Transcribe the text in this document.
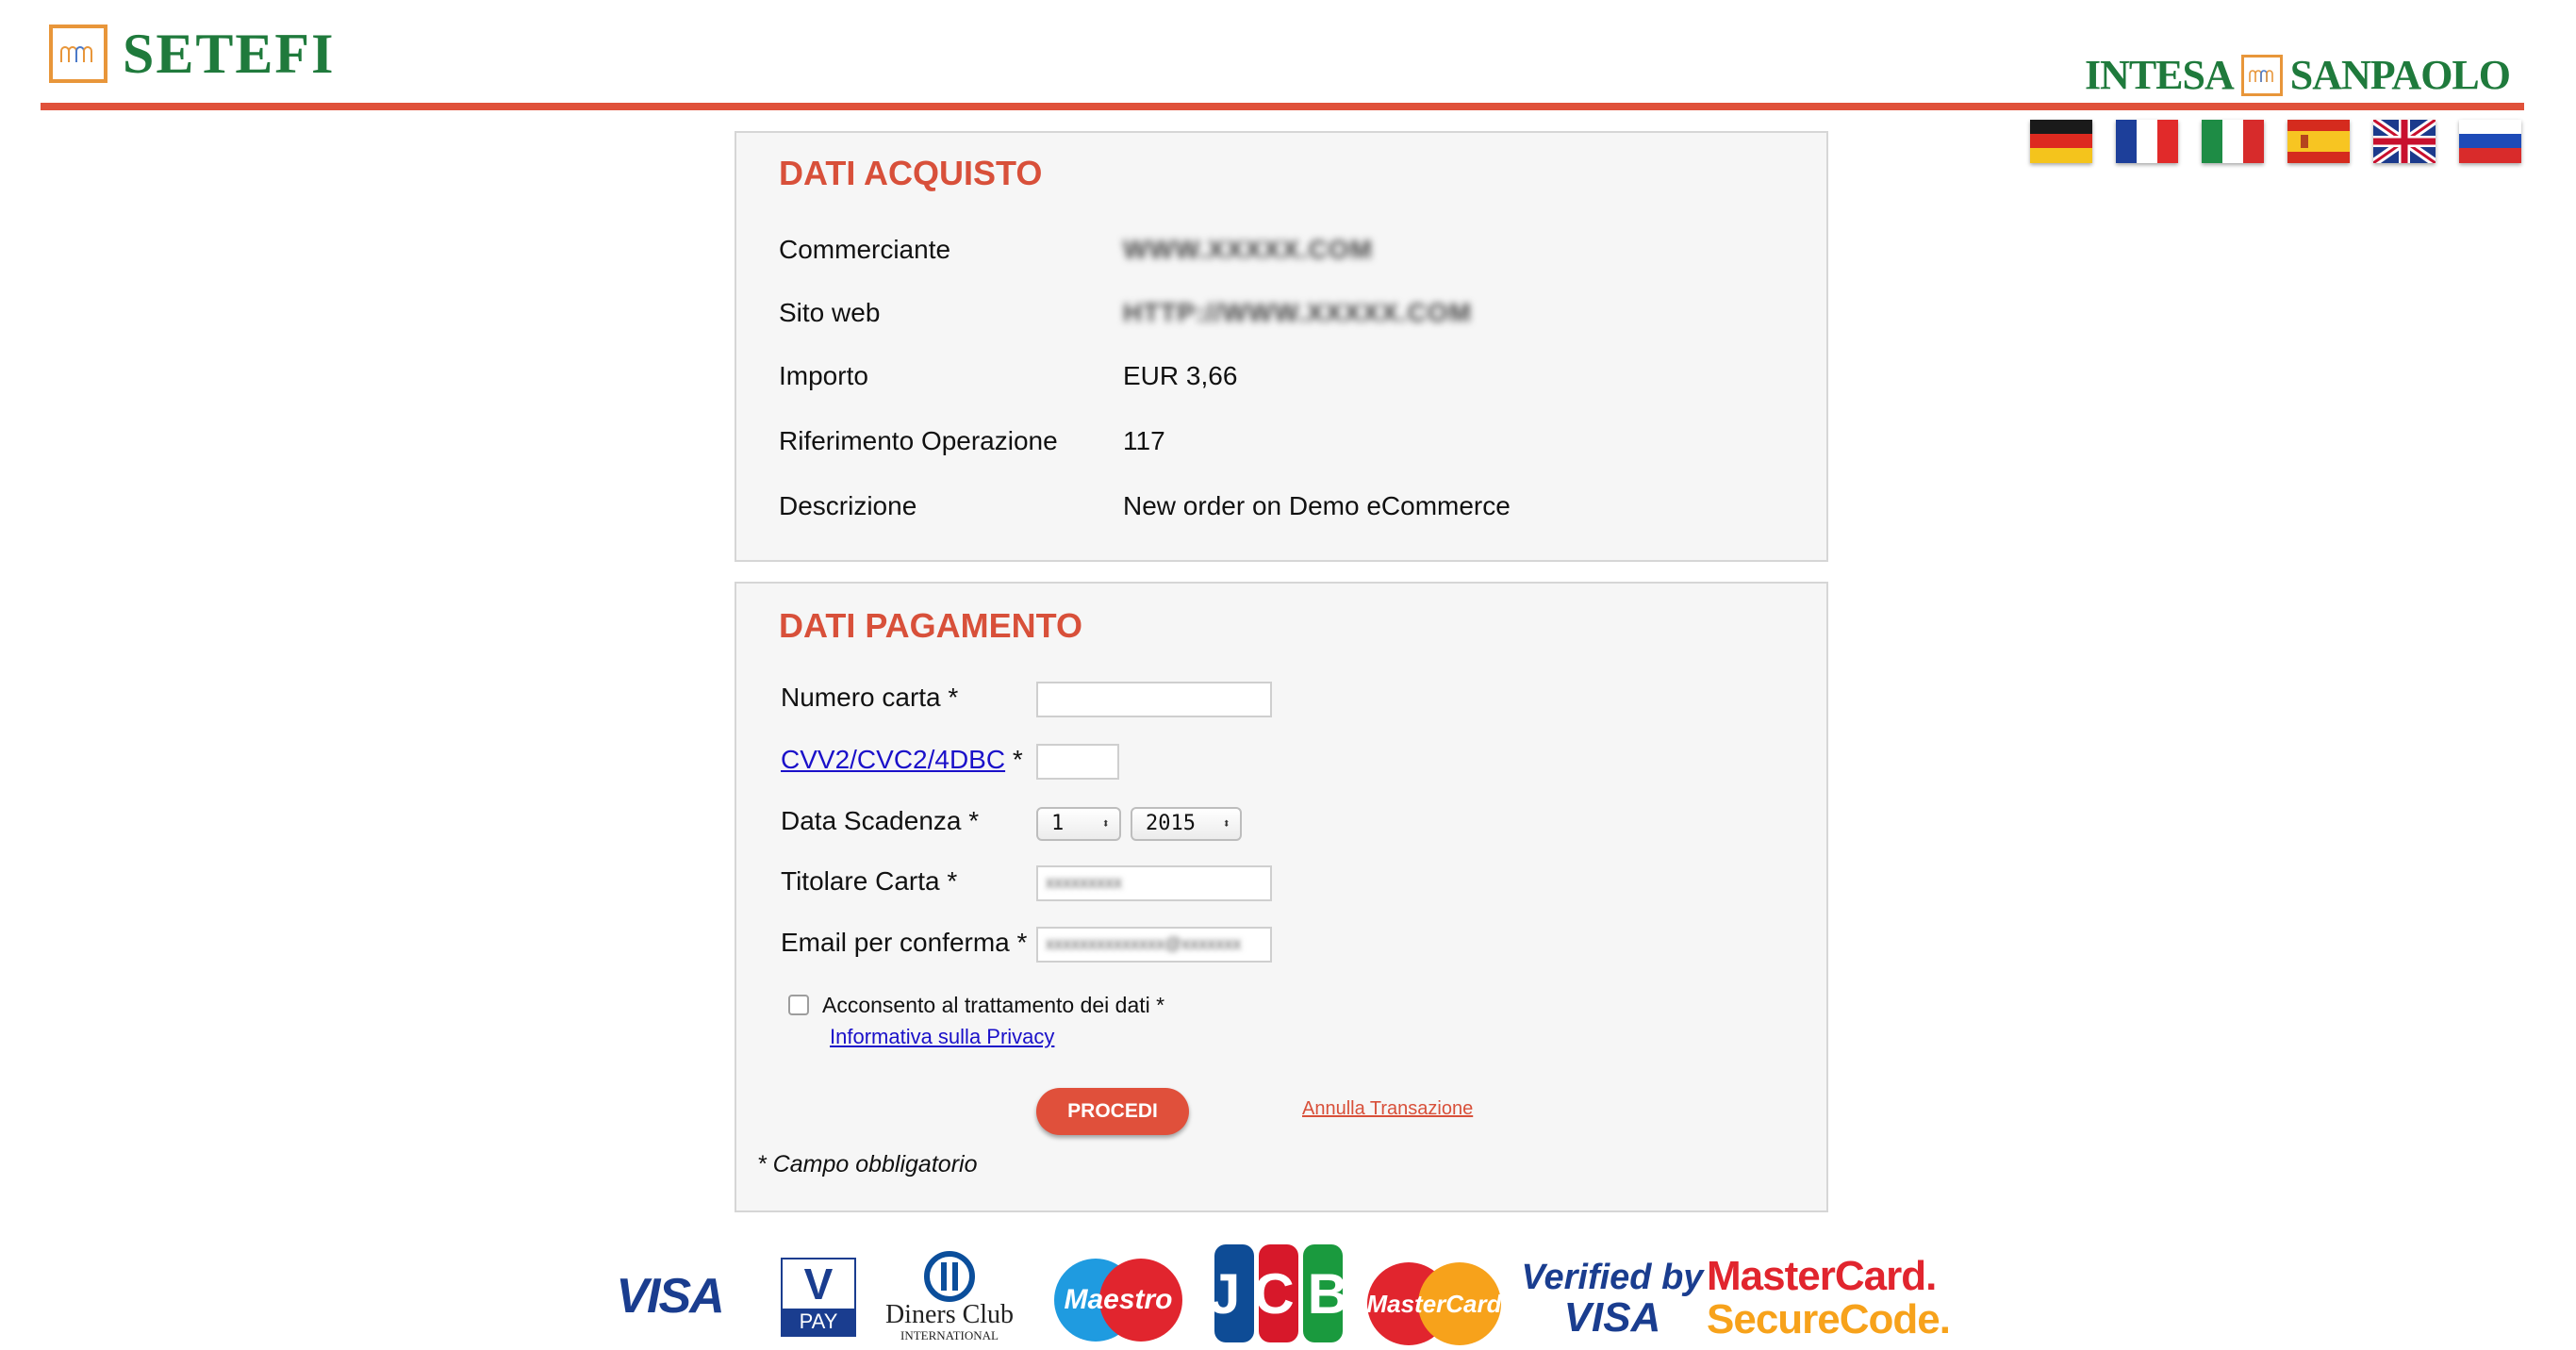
SETEFI	INTESA SANPAOLO
DATI ACQUISTO
Commerciante	WWW.XXXXX.COM
Sito web	HTTP://WWW.XXXXX.COM
Importo	EUR 3,66
Riferimento Operazione	117
Descrizione	New order on Demo eCommerce
DATI PAGAMENTO
Numero carta *
CVV2/CVC2/4DBC *
Data Scadenza *	1	⬍	2015 ⬍
Titolare Carta *	xxxxxxxxx
Email per conferma * xxxxxxxxxxxxxx@xxxxxxx
Acconsento al trattamento dei dati *
Informativa sulla Privacy
PROCEDI	Annulla Transazione
* Campo obbligatorio
VISA	V
PAY	Diners Club
INTERNATIONAL
Maestro JCB MasterCard
Verified by
VISA
MasterCard.
SecureCode.
